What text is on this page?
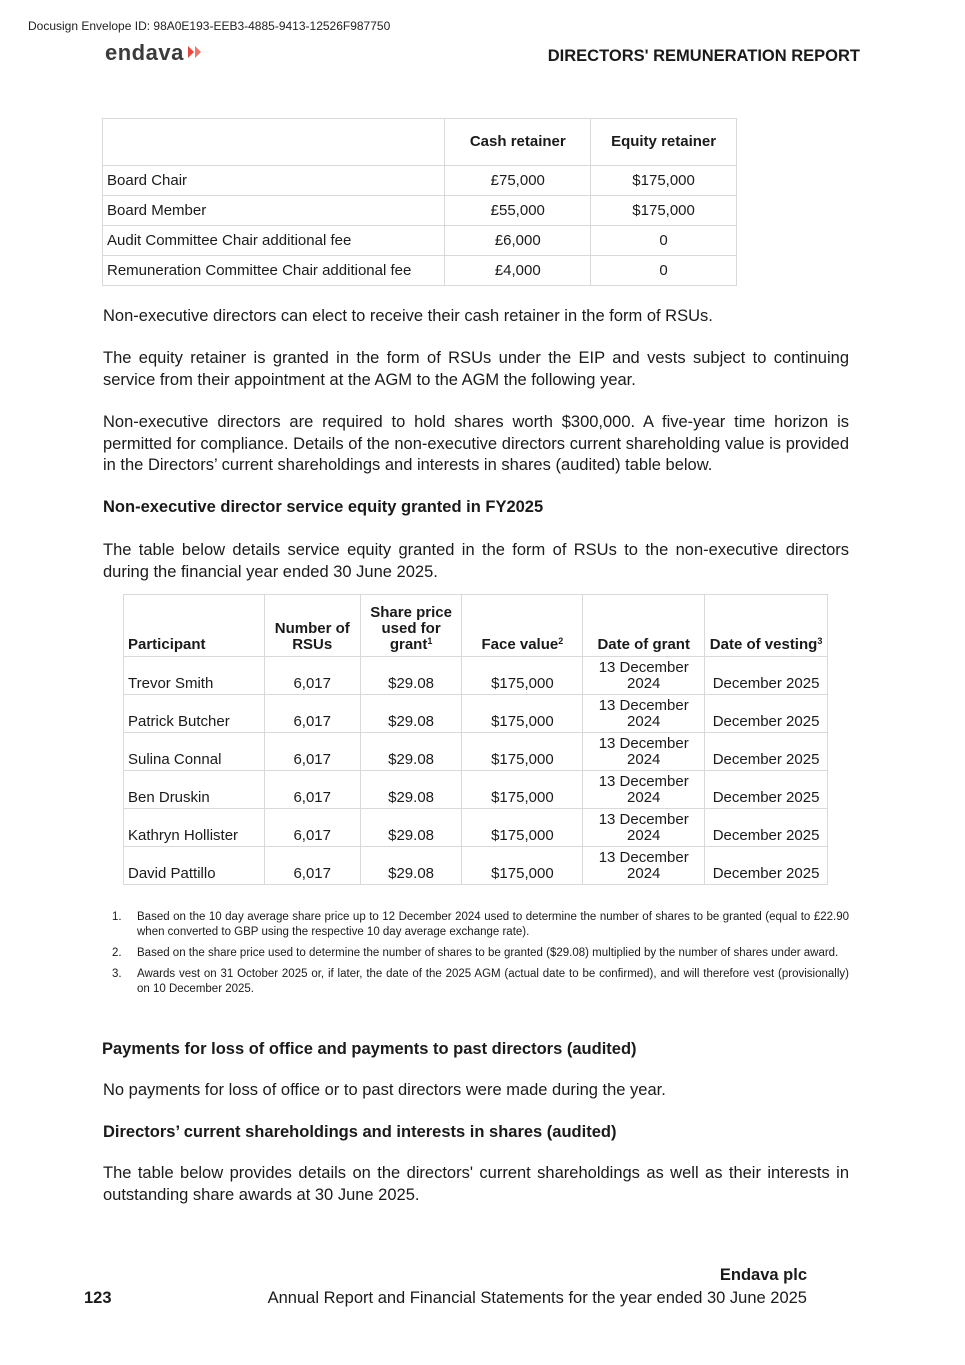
Docusign Envelope ID: 98A0E193-EEB3-4885-9413-12526F987750
endava	DIRECTORS' REMUNERATION REPORT
	Cash retainer	Equity retainer
Board Chair	£75,000	$175,000
Board Member	£55,000	$175,000
Audit Committee Chair additional fee	£6,000	0
Remuneration Committee Chair additional fee	£4,000	0

Non-executive directors can elect to receive their cash retainer in the form of RSUs.

The equity retainer is granted in the form of RSUs under the EIP and vests subject to continuing service from their appointment at the AGM to the AGM the following year.

Non-executive directors are required to hold shares worth $300,000. A five-year time horizon is permitted for compliance. Details of the non-executive directors current shareholding value is provided in the Directors’ current shareholdings and interests in shares (audited) table below.

Non-executive director service equity granted in FY2025

The table below details service equity granted in the form of RSUs to the non-executive directors during the financial year ended 30 June 2025.

Participant	Number of RSUs	Share price used for grant$^1$	Face value$^2$	Date of grant	Date of vesting$^3$
Trevor Smith	6,017	$29.08	$175,000	13 December 2024	December 2025
Patrick Butcher	6,017	$29.08	$175,000	13 December 2024	December 2025
Sulina Connal	6,017	$29.08	$175,000	13 December 2024	December 2025
Ben Druskin	6,017	$29.08	$175,000	13 December 2024	December 2025
Kathryn Hollister	6,017	$29.08	$175,000	13 December 2024	December 2025
David Pattillo	6,017	$29.08	$175,000	13 December 2024	December 2025
1.	Based on the 10 day average share price up to 12 December 2024 used to determine the number of shares to be granted (equal to £22.90 when converted to GBP using the respective 10 day average exchange rate).
2.	Based on the share price used to determine the number of shares to be granted ($29.08) multiplied by the number of shares under award.
3.	Awards vest on 31 October 2025 or, if later, the date of the 2025 AGM (actual date to be confirmed), and will therefore vest (provisionally) on 10 December 2025.
Payments for loss of office and payments to past directors (audited)

No payments for loss of office or to past directors were made during the year.

Directors’ current shareholdings and interests in shares (audited)

The table below provides details on the directors' current shareholdings as well as their interests in outstanding share awards at 30 June 2025.

Endava plc
123	Annual Report and Financial Statements for the year ended 30 June 2025
